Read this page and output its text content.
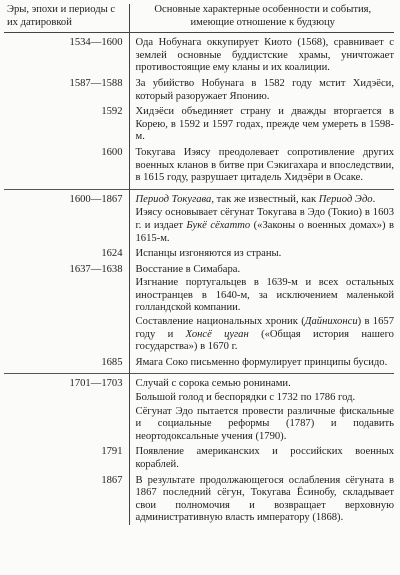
Эры, эпохи и периоды с их датировкой	Основные характерные особенности и события, имеющие отношение к будзюцу
1534—1600	Ода Нобунага оккупирует Киото (1568), сравнивает с землей основные буддистские храмы, уничтожает противостоящие ему кланы и их коалиции.

1587—1588	За убийство Нобунага в 1582 году мстит Хидэёси, который разоружает Японию.

1592	Хидэёси объединяет страну и дважды вторгается в Корею, в 1592 и 1597 годах, прежде чем умереть в 1598-м.

1600	Токугава Иэясу преодолевает сопротивление других военных кланов в битве при Сэкигахара и впоследствии, в 1615 году, разрушает цитадель Хидэёри в Осаке.

1600—1867	Период Токугава, так же известный, как Период Эдо.
Иэясу основывает сёгунат Токугава в Эдо (Токио) в 1603 г. и издает Букё сёхатто («Законы о военных домах») в 1615-м.

1624	Испанцы изгоняются из страны.

1637—1638	Восстание в Симабара.
Изгнание португальцев в 1639-м и всех остальных иностранцев в 1640-м, за исключением маленькой голландской компании.
Составление национальных хроник (Дайнихонси) в 1657 году и Хонсё цуган («Общая история нашего государства») в 1670 г.

1685	Ямага Соко письменно формулирует принципы бусидо.

1701—1703	Случай с сорока семью ронинами.
Большой голод и беспорядки с 1732 по 1786 год.
Сёгунат Эдо пытается провести различные фискальные и социальные реформы (1787) и подавить неортодоксальные учения (1790).

1791	Появление американских и российских военных кораблей.

1867	В результате продолжающегося ослабления сёгуната в 1867 последний сёгун, Токугава Ёсинобу, складывает свои полномочия и возвращает верховную административную власть императору (1868).
